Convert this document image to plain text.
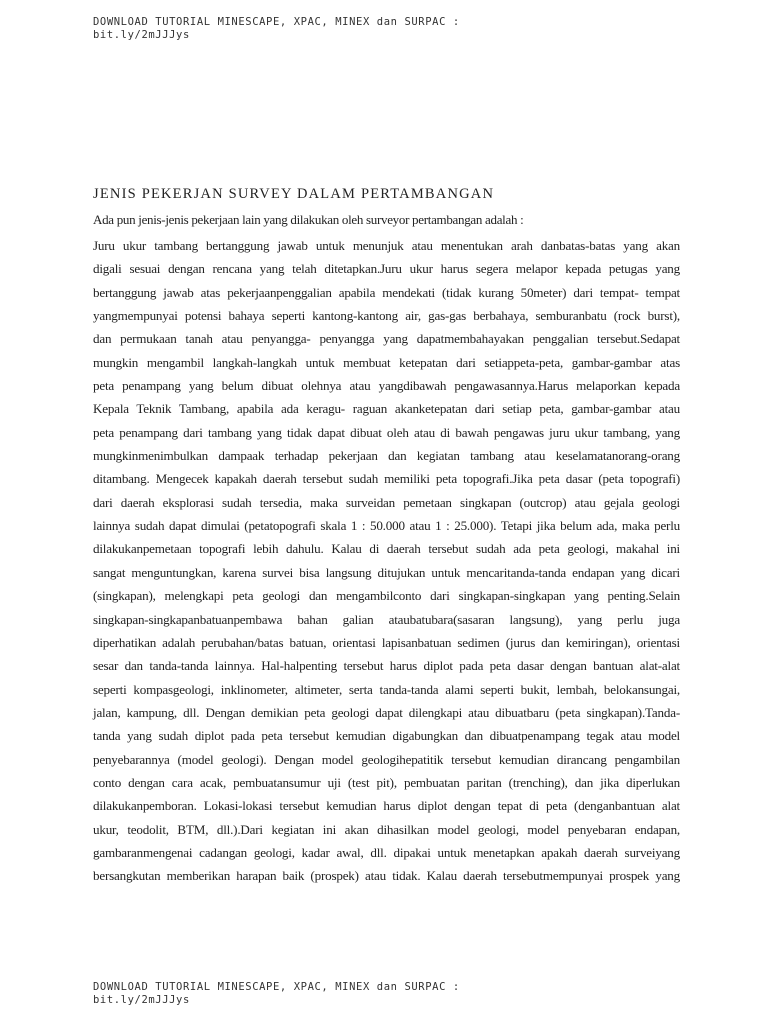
DOWNLOAD TUTORIAL MINESCAPE, XPAC, MINEX dan SURPAC :
bit.ly/2mJJJys
JENIS PEKERJAN SURVEY DALAM PERTAMBANGAN
Ada pun jenis-jenis pekerjaan lain yang dilakukan oleh surveyor pertambangan adalah :
Juru ukur tambang bertanggung jawab untuk menunjuk atau menentukan arah danbatas-batas yang akan
digali sesuai dengan rencana yang telah ditetapkan.Juru ukur harus segera melapor kepada petugas yang
bertanggung jawab atas pekerjaanpenggalian apabila mendekati (tidak kurang 50meter) dari tempat- tempat
yangmempunyai potensi bahaya seperti kantong-kantong air, gas-gas berbahaya, semburanbatu (rock burst),
dan permukaan tanah atau penyangga- penyangga yang dapatmembahayakan penggalian tersebut.Sedapat
mungkin mengambil langkah-langkah untuk membuat ketepatan dari setiappeta-peta, gambar-gambar atas
peta penampang yang belum dibuat olehnya atau yangdibawah pengawasannya.Harus melaporkan kepada
Kepala Teknik Tambang, apabila ada keragu- raguan akanketepatan dari setiap peta, gambar-gambar atau
peta penampang dari tambang yang tidak dapat dibuat oleh atau di bawah pengawas juru ukur tambang, yang
mungkinmenimbulkan dampaak terhadap pekerjaan dan kegiatan tambang atau keselamatanorang-orang
ditambang. Mengecek kapakah daerah tersebut sudah memiliki peta topografi.Jika peta dasar (peta topografi)
dari daerah eksplorasi sudah tersedia, maka surveidan pemetaan singkapan (outcrop) atau gejala geologi
lainnya sudah dapat dimulai (petatopografi skala 1 : 50.000 atau 1 : 25.000). Tetapi jika belum ada, maka perlu
dilakukanpemetaan topografi lebih dahulu. Kalau di daerah tersebut sudah ada peta geologi, makahal ini
sangat menguntungkan, karena survei bisa langsung ditujukan untuk mencaritanda-tanda endapan yang dicari
(singkapan), melengkapi peta geologi dan mengambilconto dari singkapan-singkapan yang penting.Selain
singkapan-singkapanbatuanpembawa bahan galian ataubatubara(sasaran langsung), yang perlu juga
diperhatikan adalah perubahan/batas batuan, orientasi lapisanbatuan sedimen (jurus dan kemiringan), orientasi
sesar dan tanda-tanda lainnya. Hal-halpenting tersebut harus diplot pada peta dasar dengan bantuan alat-alat
seperti kompasgeologi, inklinometer, altimeter, serta tanda-tanda alami seperti bukit, lembah, belokansungai,
jalan, kampung, dll. Dengan demikian peta geologi dapat dilengkapi atau dibuatbaru (peta singkapan).Tanda-
tanda yang sudah diplot pada peta tersebut kemudian digabungkan dan dibuatpenampang tegak atau model
penyebarannya (model geologi). Dengan model geologihepatitik tersebut kemudian dirancang pengambilan
conto dengan cara acak, pembuatansumur uji (test pit), pembuatan paritan (trenching), dan jika diperlukan
dilakukanpemboran. Lokasi-lokasi tersebut kemudian harus diplot dengan tepat di peta (denganbantuan alat
ukur, teodolit, BTM, dll.).Dari kegiatan ini akan dihasilkan model geologi, model penyebaran endapan,
gambaranmengenai cadangan geologi, kadar awal, dll. dipakai untuk menetapkan apakah daerah surveiyang
bersangkutan memberikan harapan baik (prospek) atau tidak. Kalau daerah tersebutmempunyai prospek yang
DOWNLOAD TUTORIAL MINESCAPE, XPAC, MINEX dan SURPAC :
bit.ly/2mJJJys
